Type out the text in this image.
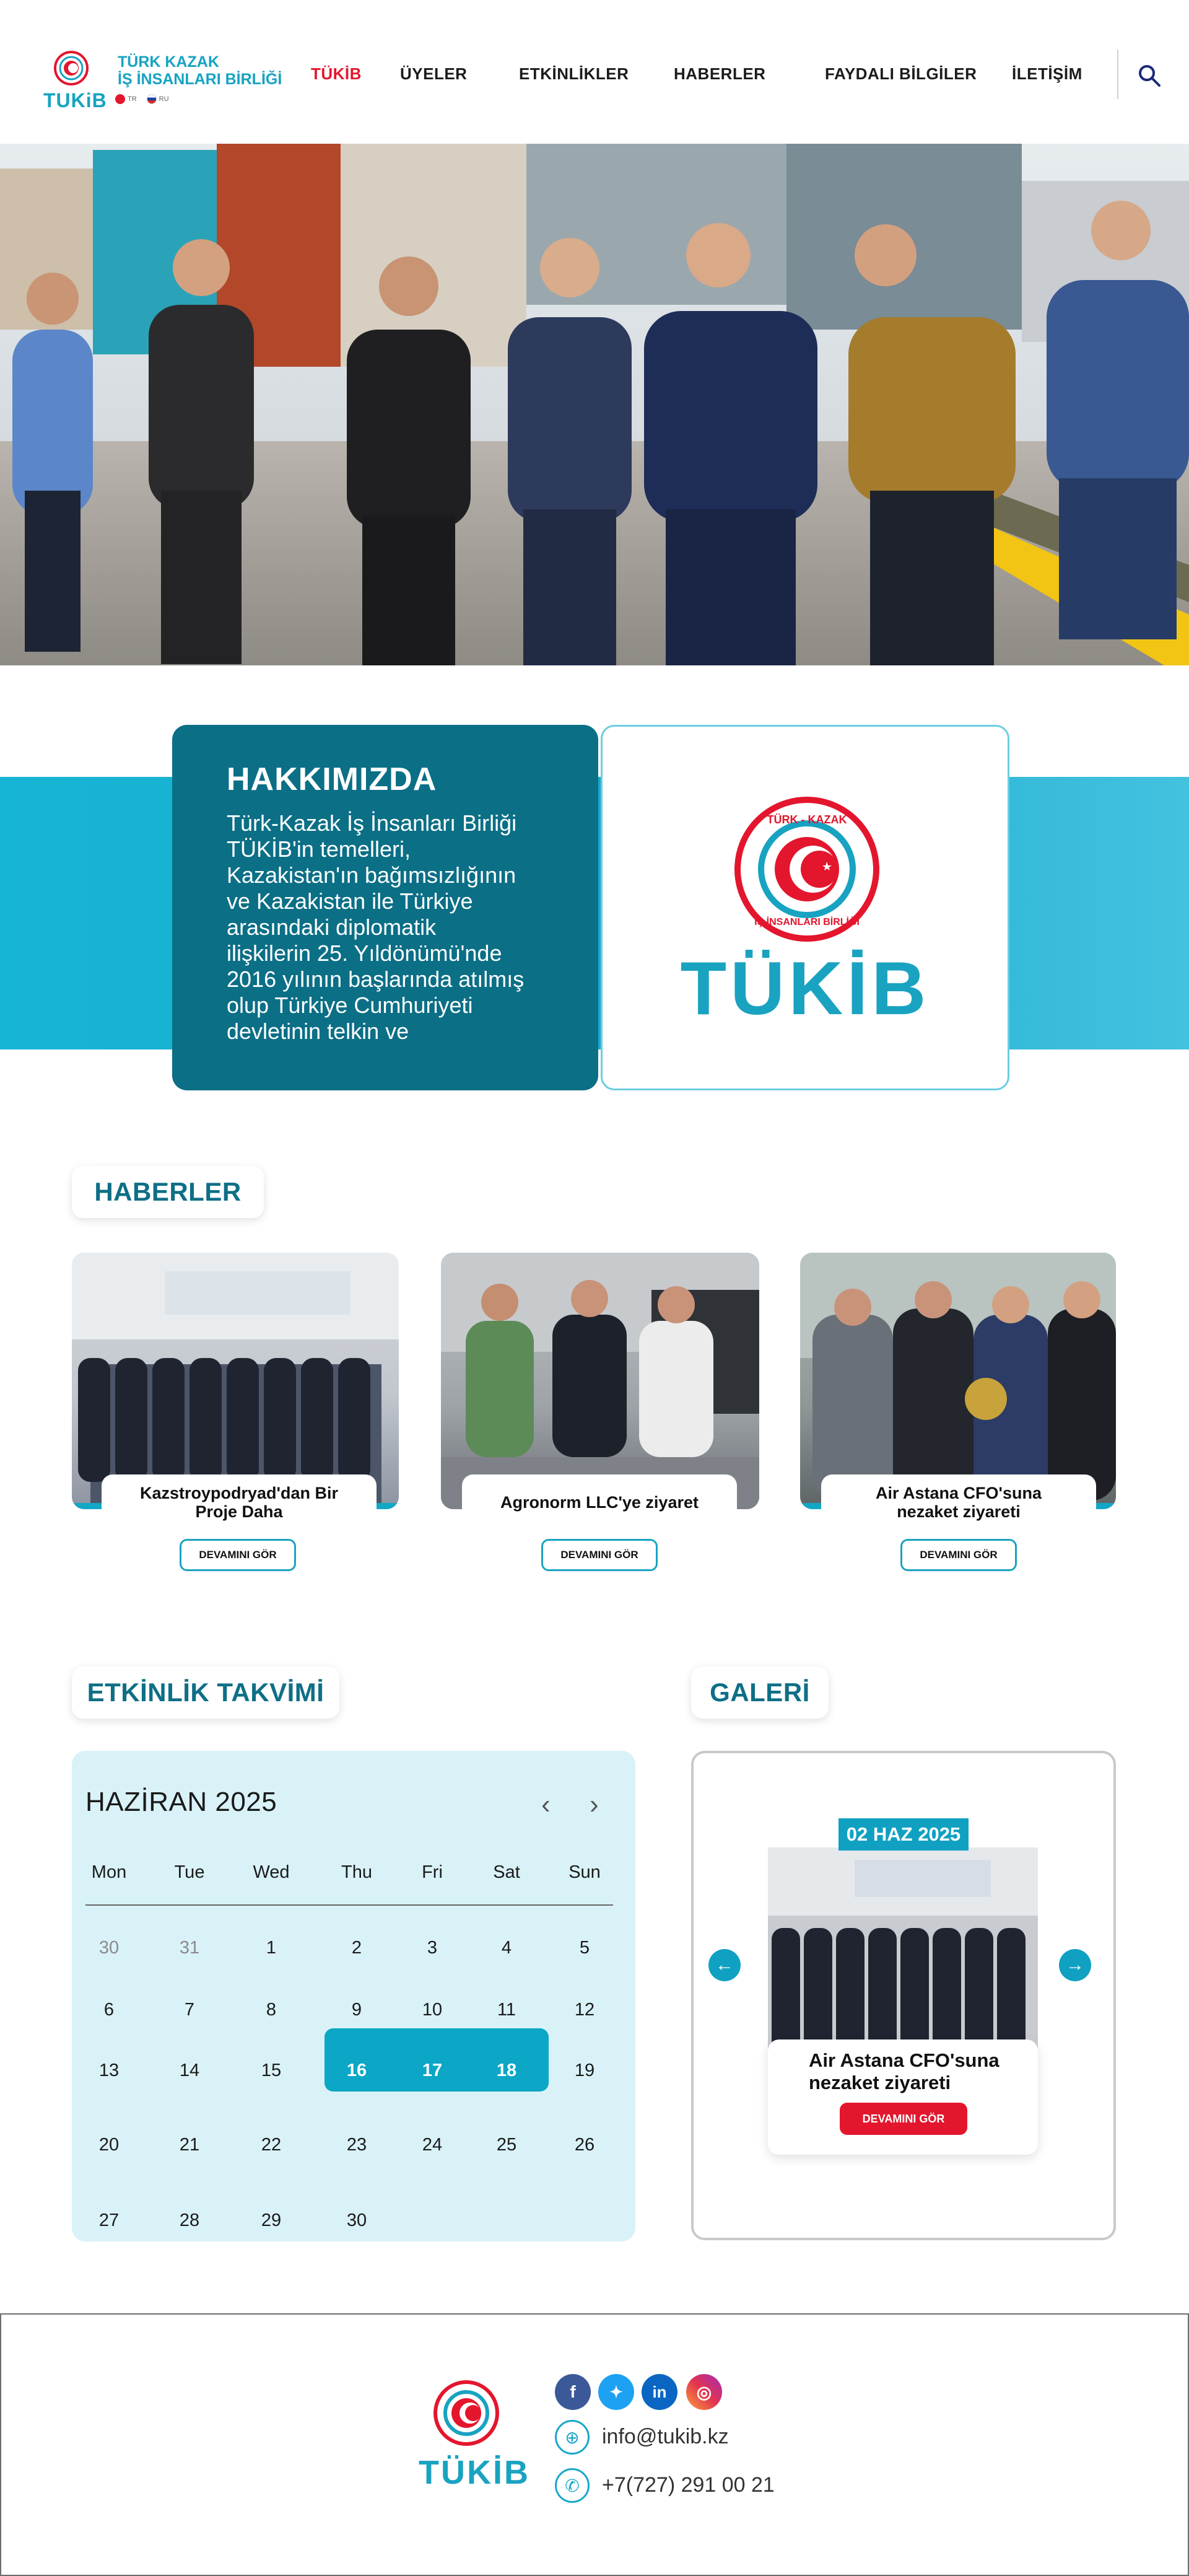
TUKiB
TÜRK KAZAK
İŞ İNSANLARI BİRLİĞİ
TR	RU
TÜKİB ÜYELER	ETKİNLİKLER	HABERLER	FAYDALI BİLGİLER İLETİŞİM
HAKKIMIZDA
Türk-Kazak İş İnsanları Birliği
TÜKİB'in temelleri,
Kazakistan'ın bağımsızlığının
ve Kazakistan ile Türkiye
arasındaki diplomatik
ilişkilerin 25. Yıldönümü'nde
2016 yılının başlarında atılmış
olup Türkiye Cumhuriyeti
devletinin telkin ve
TÜRK - KAZAK
İŞ İNSANLARI BİRLİĞİ
TÜKİB
HABERLER
Kazstroypodryad'dan Bir
Proje Daha
DEVAMINI GÖR
Agronorm LLC'ye ziyaret
DEVAMINI GÖR
Air Astana CFO'suna
nezaket ziyareti
DEVAMINI GÖR
ETKİNLİK TAKVİMİ
HAZİRAN 2025	‹ ›
Mon	Tue	Wed	Thu	Fri	Sat	Sun
30	31	1	2	3	4	5
6	7	8	9	10	11	12
13	14	15	16	17	18	19
20	21	22	23	24	25	26
27	28	29	30
GALERİ
02 HAZ 2025
Air Astana CFO'suna
nezaket ziyareti
DEVAMINI GÖR
←	→
TÜKİB
f	✦	in	◎
⊕	info@tukib.kz
✆	+7(727) 291 00 21
